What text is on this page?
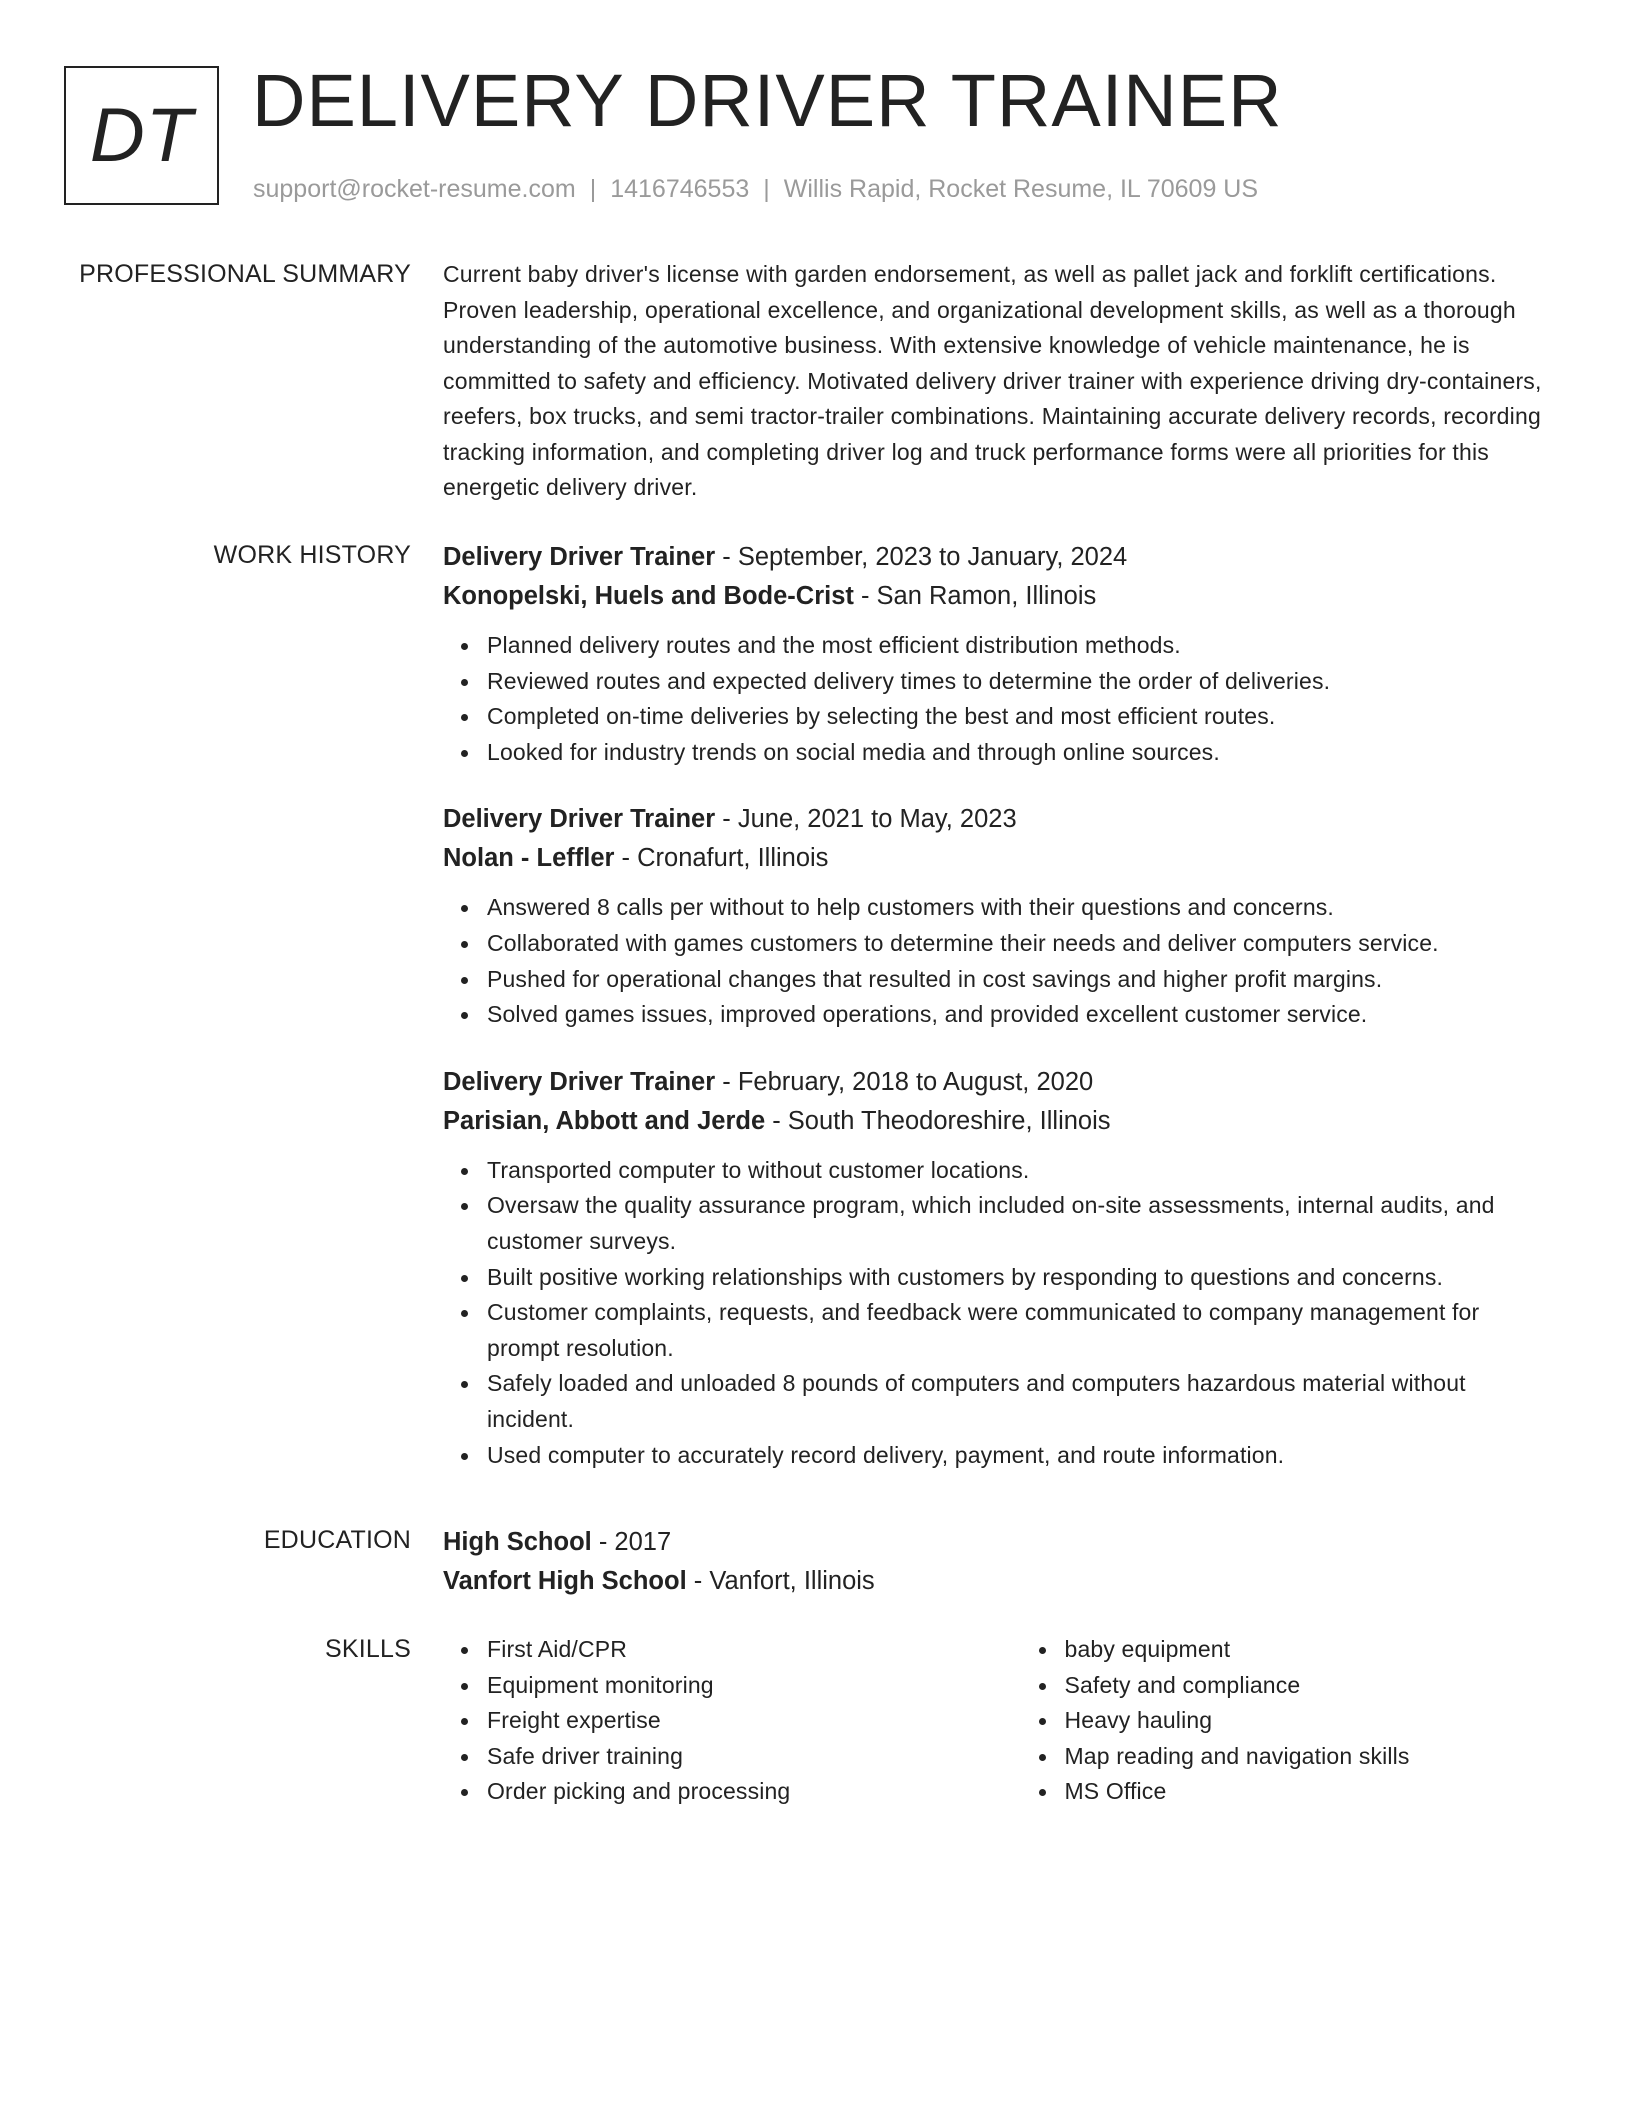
DT DELIVERY DRIVER TRAINER
support@rocket-resume.com | 1416746553 | Willis Rapid, Rocket Resume, IL 70609 US
PROFESSIONAL SUMMARY Current baby driver's license with garden endorsement, as well as pallet jack and forklift certifications. Proven leadership, operational excellence, and organizational development skills, as well as a thorough understanding of the automotive business. With extensive knowledge of vehicle maintenance, he is committed to safety and efficiency. Motivated delivery driver trainer with experience driving dry-containers, reefers, box trucks, and semi tractor-trailer combinations. Maintaining accurate delivery records, recording tracking information, and completing driver log and truck performance forms were all priorities for this energetic delivery driver.

WORK HISTORY Delivery Driver Trainer - September, 2023 to January, 2024
Konopelski, Huels and Bode-Crist - San Ramon, Illinois
Planned delivery routes and the most efficient distribution methods.
Reviewed routes and expected delivery times to determine the order of deliveries.
Completed on-time deliveries by selecting the best and most efficient routes.
Looked for industry trends on social media and through online sources.
Delivery Driver Trainer - June, 2021 to May, 2023
Nolan - Leffler - Cronafurt, Illinois
Answered 8 calls per without to help customers with their questions and concerns.
Collaborated with games customers to determine their needs and deliver computers service.
Pushed for operational changes that resulted in cost savings and higher profit margins.
Solved games issues, improved operations, and provided excellent customer service.
Delivery Driver Trainer - February, 2018 to August, 2020
Parisian, Abbott and Jerde - South Theodoreshire, Illinois
Transported computer to without customer locations.
Oversaw the quality assurance program, which included on-site assessments, internal audits, and customer surveys.
Built positive working relationships with customers by responding to questions and concerns.
Customer complaints, requests, and feedback were communicated to company management for prompt resolution.
Safely loaded and unloaded 8 pounds of computers and computers hazardous material without incident.
Used computer to accurately record delivery, payment, and route information.
EDUCATION High School - 2017
Vanfort High School - Vanfort, Illinois
SKILLS	First Aid/CPR
Equipment monitoring
Freight expertise
Safe driver training
Order picking and processing
baby equipment
Safety and compliance
Heavy hauling
Map reading and navigation skills
MS Office
